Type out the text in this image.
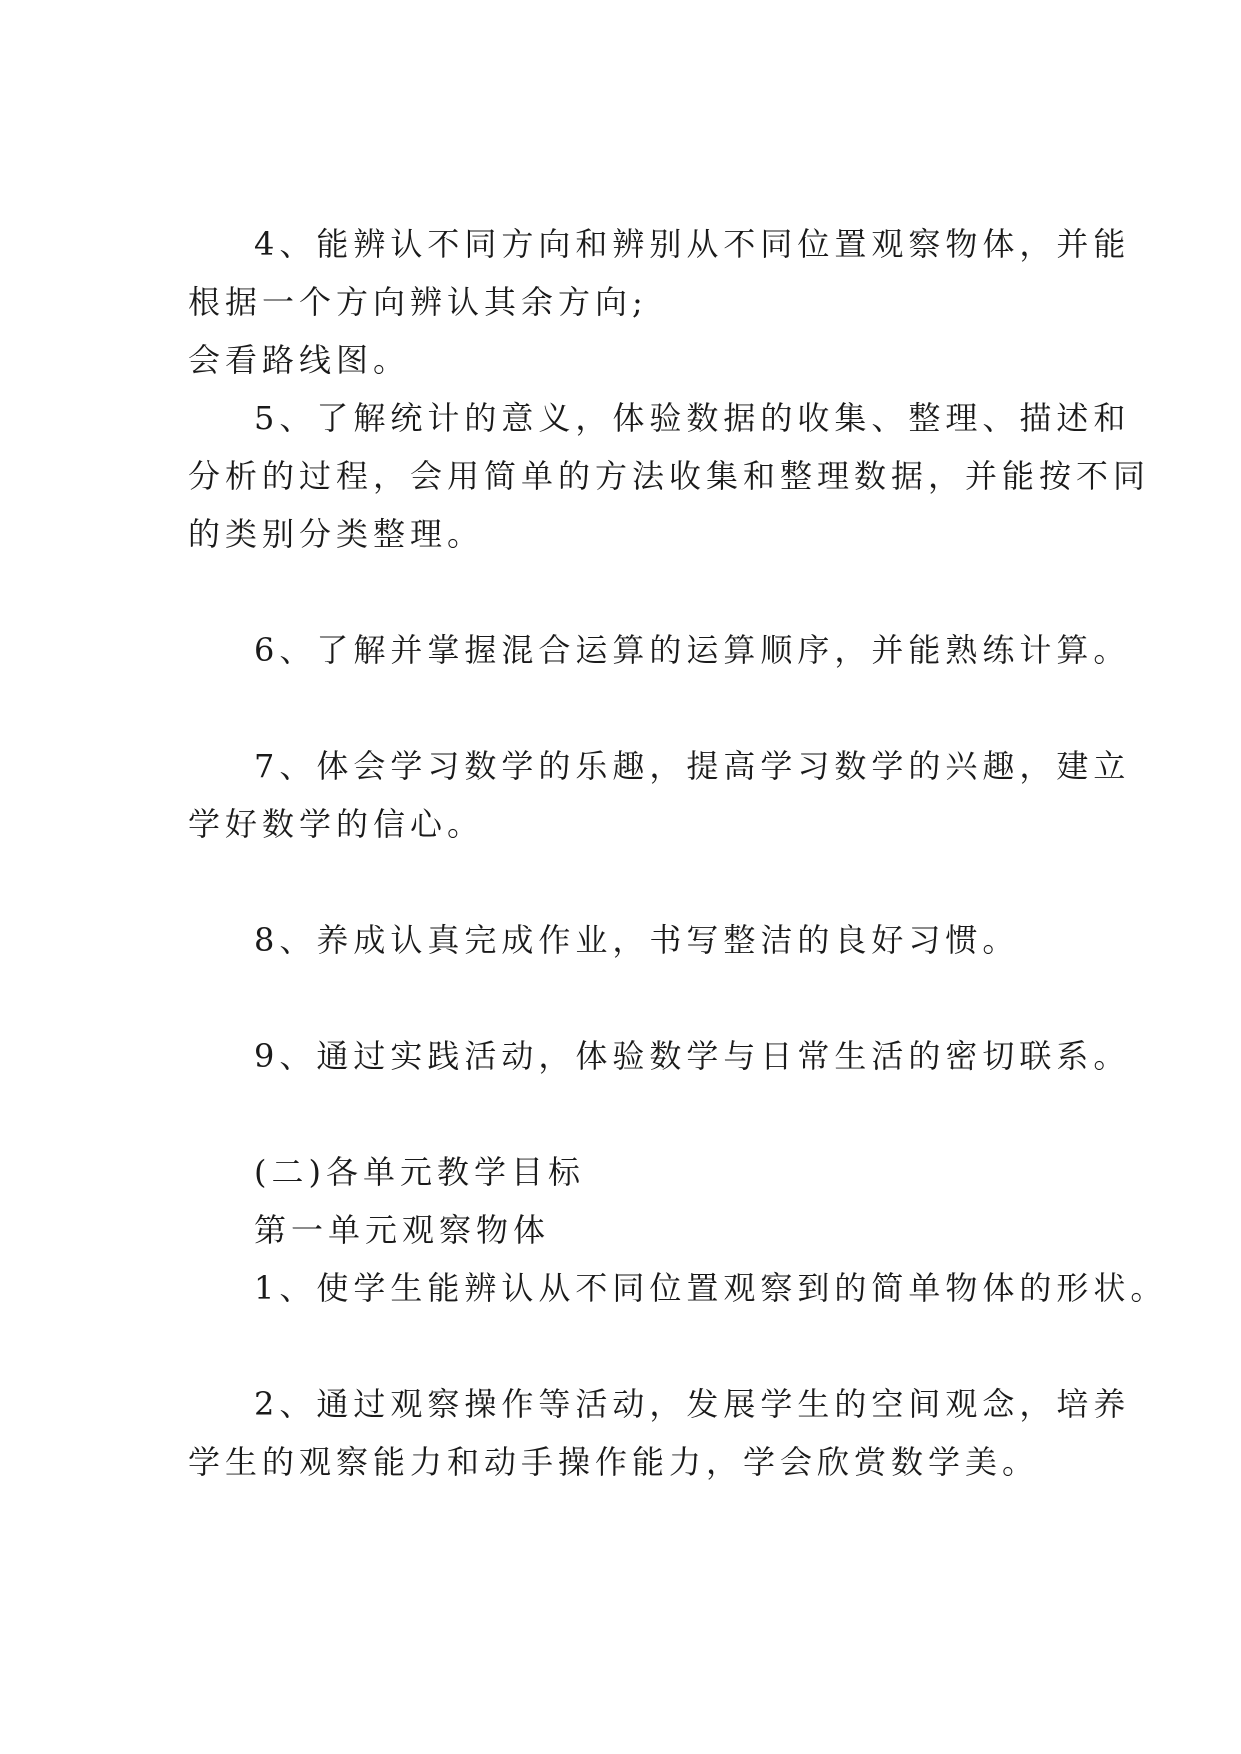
4、能辨认不同方向和辨别从不同位置观察物体，并能

根据一个方向辨认其余方向;

会看路线图。

5、了解统计的意义，体验数据的收集、整理、描述和

分析的过程，会用简单的方法收集和整理数据，并能按不同

的类别分类整理。

6、了解并掌握混合运算的运算顺序，并能熟练计算。

7、体会学习数学的乐趣，提高学习数学的兴趣，建立

学好数学的信心。

8、养成认真完成作业，书写整洁的良好习惯。

9、通过实践活动，体验数学与日常生活的密切联系。

(二)各单元教学目标

第一单元观察物体

1、使学生能辨认从不同位置观察到的简单物体的形状。

2、通过观察操作等活动，发展学生的空间观念，培养

学生的观察能力和动手操作能力，学会欣赏数学美。
